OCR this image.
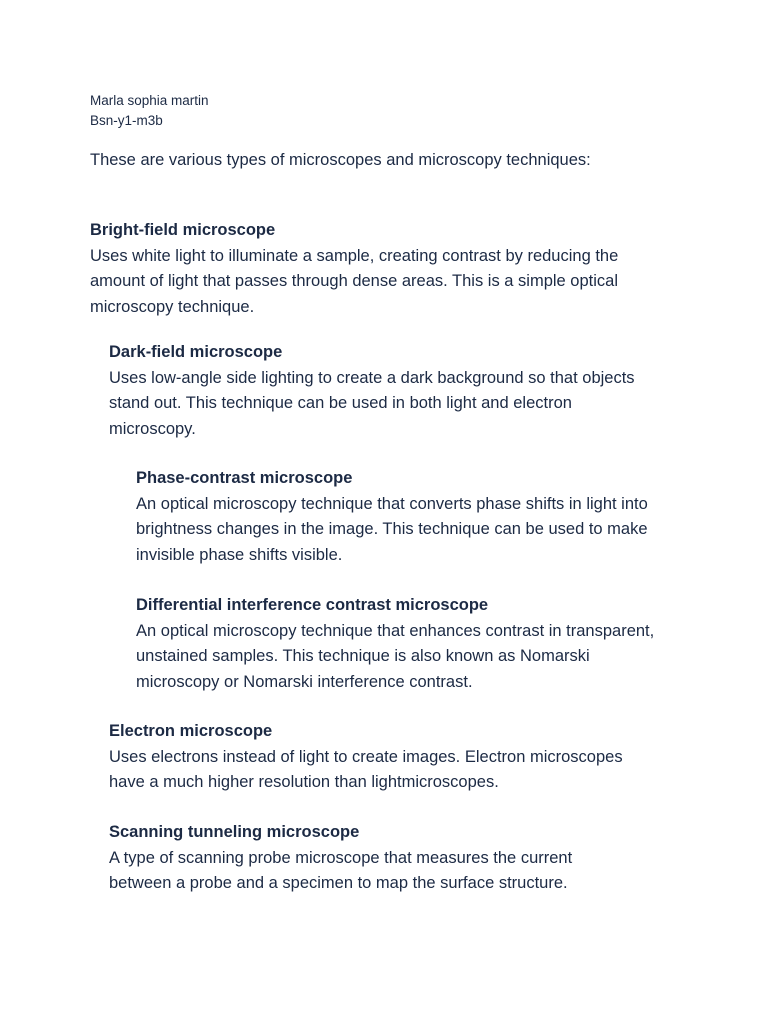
Marla sophia martin
Bsn-y1-m3b
These are various types of microscopes and microscopy techniques:
Bright-field microscope
Uses white light to illuminate a sample, creating contrast by reducing the
amount of light that passes through dense areas. This is a simple optical
microscopy technique.
Dark-field microscope
Uses low-angle side lighting to create a dark background so that objects
stand out. This technique can be used in both light and electron
microscopy.
Phase-contrast microscope
An optical microscopy technique that converts phase shifts in light into
brightness changes in the image. This technique can be used to make
invisible phase shifts visible.
Differential interference contrast microscope
An optical microscopy technique that enhances contrast in transparent,
unstained samples. This technique is also known as Nomarski
microscopy or Nomarski interference contrast.
Electron microscope
Uses electrons instead of light to create images. Electron microscopes
have a much higher resolution than lightmicroscopes.
Scanning tunneling microscope
A type of scanning probe microscope that measures the current
between a probe and a specimen to map the surface structure.
